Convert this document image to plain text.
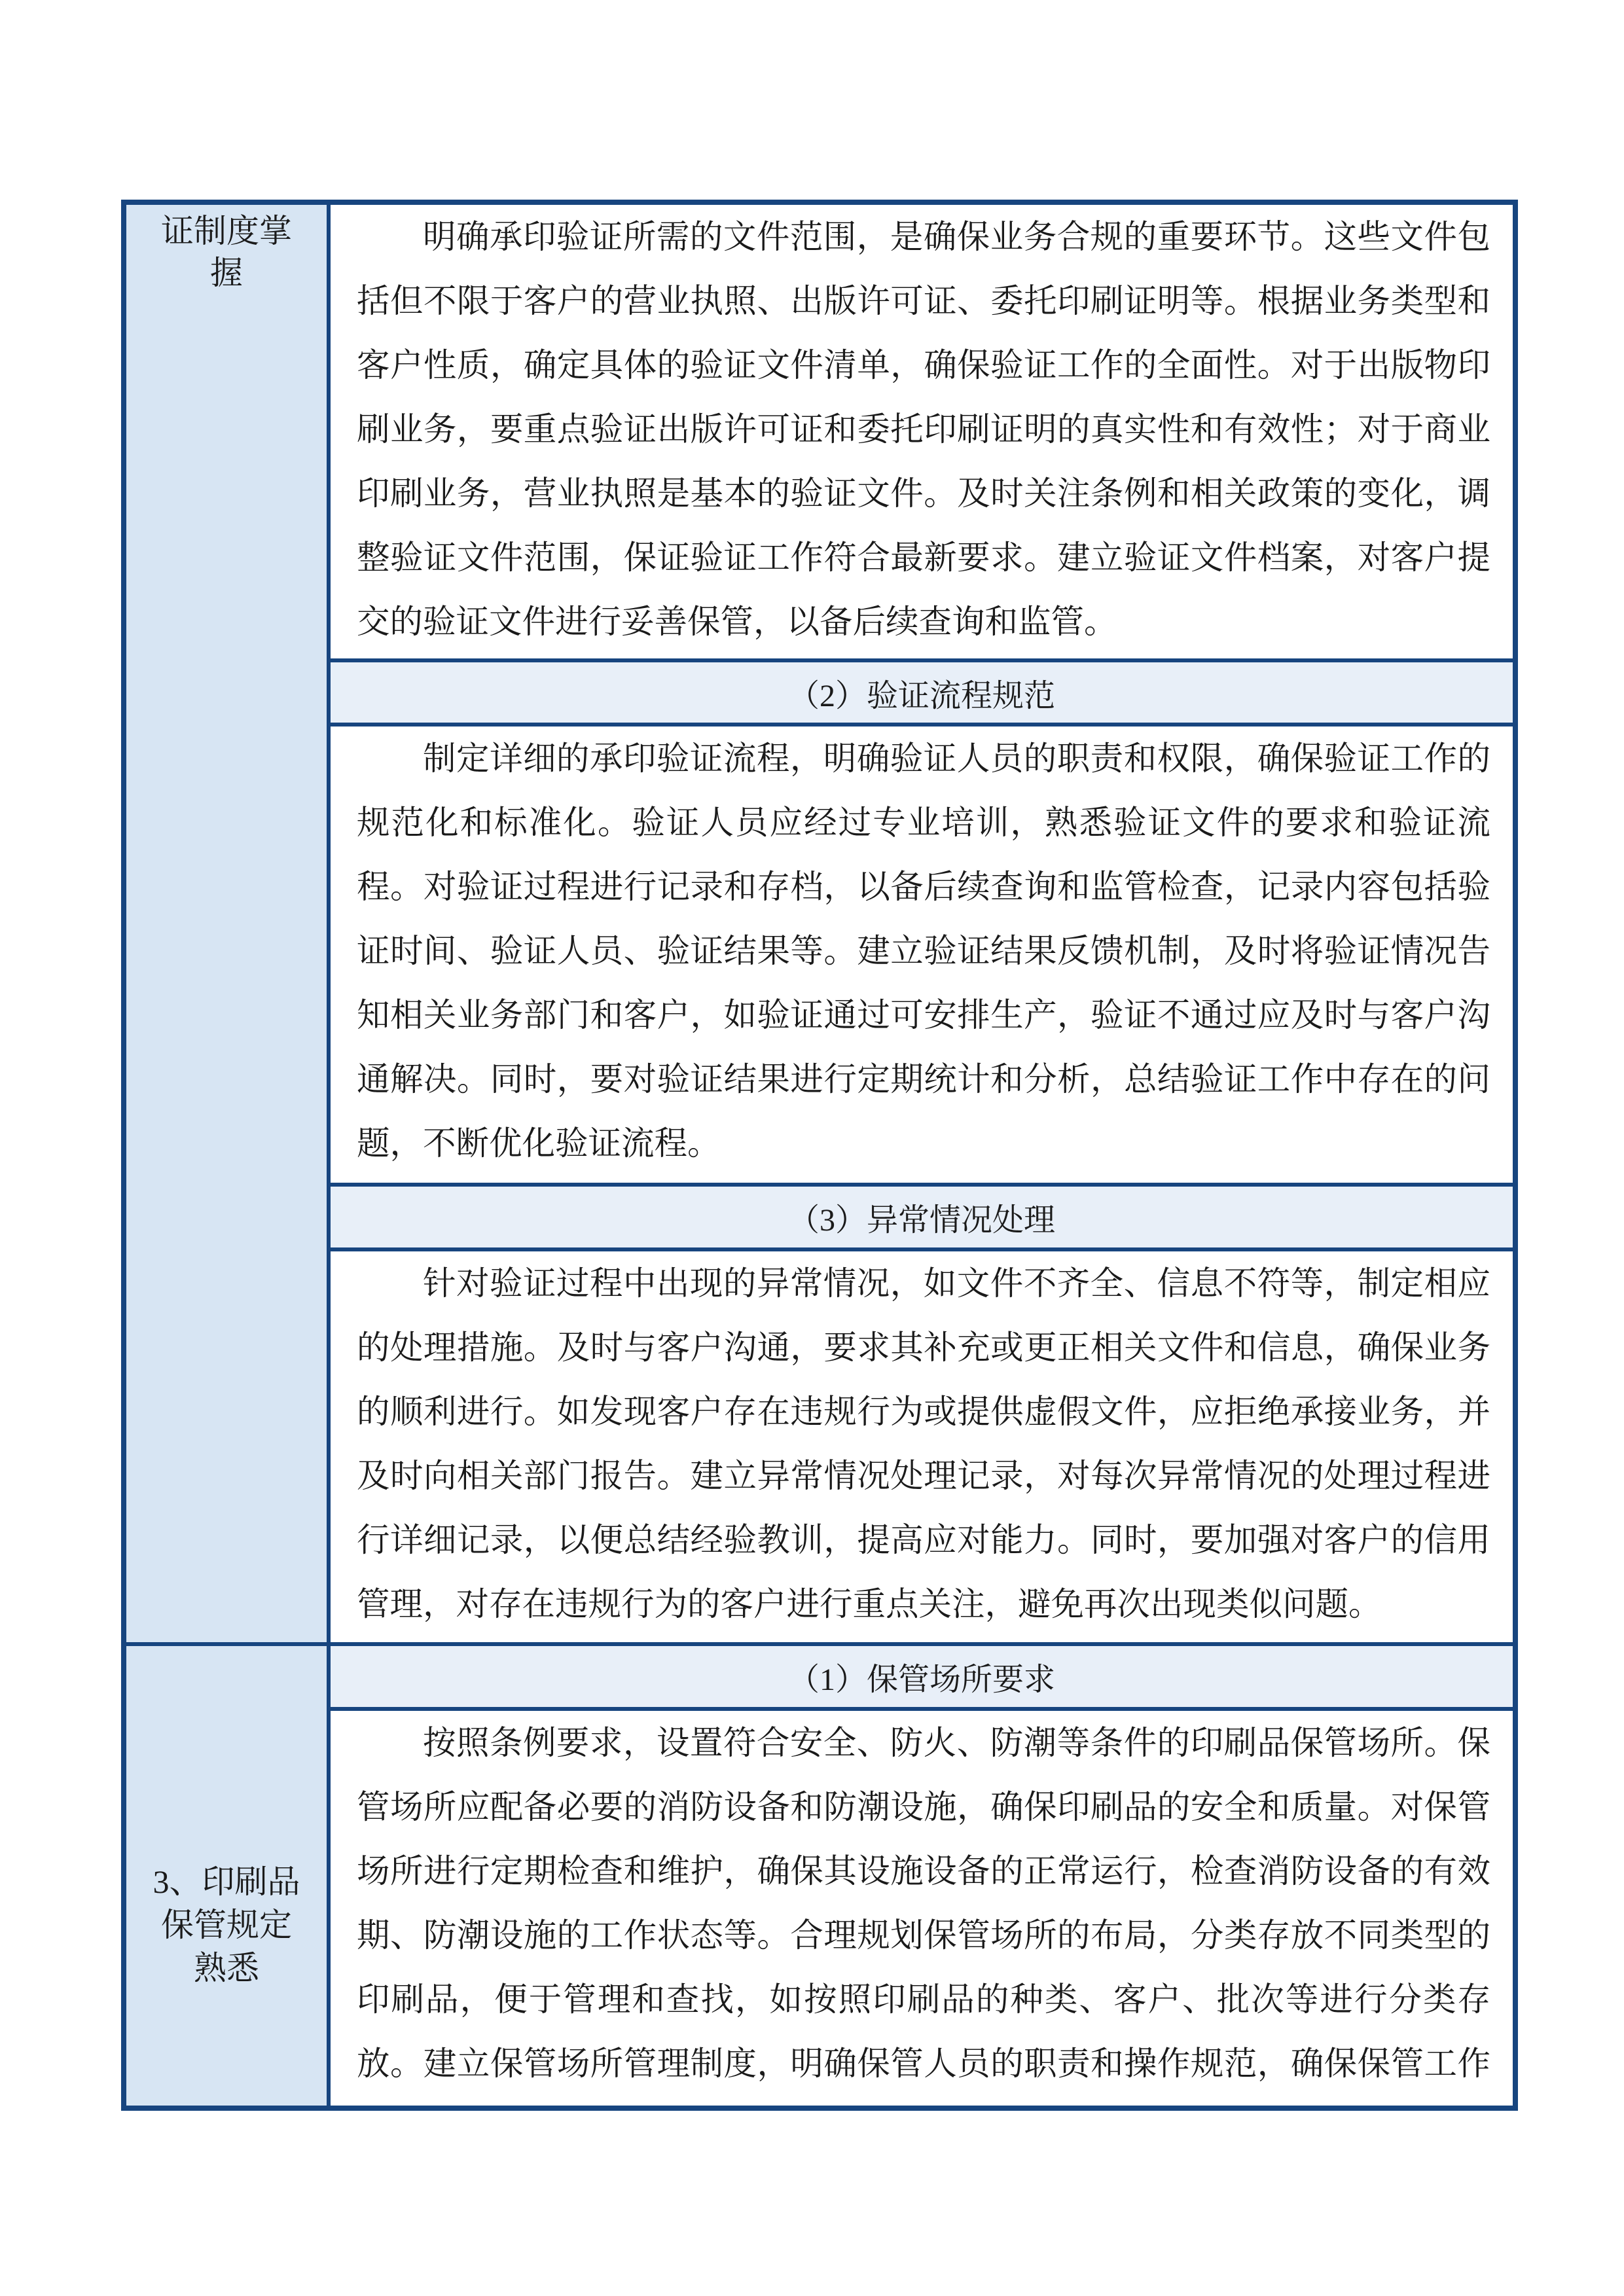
证制度掌
握
3、印刷品
保管规定
熟悉
明确承印验证所需的文件范围，是确保业务合规的重要环节。这些文件包
括但不限于客户的营业执照、出版许可证、委托印刷证明等。根据业务类型和
客户性质，确定具体的验证文件清单，确保验证工作的全面性。对于出版物印
刷业务，要重点验证出版许可证和委托印刷证明的真实性和有效性；对于商业
印刷业务，营业执照是基本的验证文件。及时关注条例和相关政策的变化，调
整验证文件范围，保证验证工作符合最新要求。建立验证文件档案，对客户提
交的验证文件进行妥善保管，以备后续查询和监管。
（2）验证流程规范
制定详细的承印验证流程，明确验证人员的职责和权限，确保验证工作的
规范化和标准化。验证人员应经过专业培训，熟悉验证文件的要求和验证流
程。对验证过程进行记录和存档，以备后续查询和监管检查，记录内容包括验
证时间、验证人员、验证结果等。建立验证结果反馈机制，及时将验证情况告
知相关业务部门和客户，如验证通过可安排生产，验证不通过应及时与客户沟
通解决。同时，要对验证结果进行定期统计和分析，总结验证工作中存在的问
题，不断优化验证流程。
（3）异常情况处理
针对验证过程中出现的异常情况，如文件不齐全、信息不符等，制定相应
的处理措施。及时与客户沟通，要求其补充或更正相关文件和信息，确保业务
的顺利进行。如发现客户存在违规行为或提供虚假文件，应拒绝承接业务，并
及时向相关部门报告。建立异常情况处理记录，对每次异常情况的处理过程进
行详细记录，以便总结经验教训，提高应对能力。同时，要加强对客户的信用
管理，对存在违规行为的客户进行重点关注，避免再次出现类似问题。
（1）保管场所要求
按照条例要求，设置符合安全、防火、防潮等条件的印刷品保管场所。保
管场所应配备必要的消防设备和防潮设施，确保印刷品的安全和质量。对保管
场所进行定期检查和维护，确保其设施设备的正常运行，检查消防设备的有效
期、防潮设施的工作状态等。合理规划保管场所的布局，分类存放不同类型的
印刷品，便于管理和查找，如按照印刷品的种类、客户、批次等进行分类存
放。建立保管场所管理制度，明确保管人员的职责和操作规范，确保保管工作
